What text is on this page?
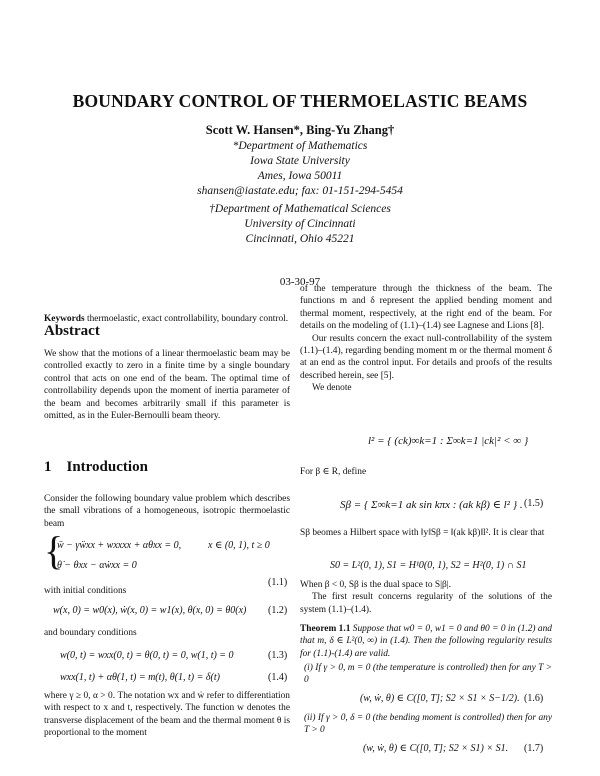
BOUNDARY CONTROL OF THERMOELASTIC BEAMS
Scott W. Hansen*, Bing-Yu Zhang†
*Department of Mathematics
Iowa State University
Ames, Iowa 50011
shansen@iastate.edu; fax: 01-151-294-5454
†Department of Mathematical Sciences
University of Cincinnati
Cincinnati, Ohio 45221
03-30-97

Keywords thermoelastic, exact controllability, boundary control.

Abstract

We show that the motions of a linear thermoelastic beam may be controlled exactly to zero in a finite time by a single boundary control that acts on one end of the beam. The optimal time of controllability depends upon the moment of inertia parameter of the beam and becomes arbitrarily small if this parameter is omitted, as in the Euler-Bernoulli beam theory.

1 Introduction

Consider the following boundary value problem which describes the small vibrations of a homogeneous, isotropic thermoelastic beam

{
ẅ − γẅxx + wxxxx + αθxx = 0,	x ∈ (0, 1), t ≥ 0
θ̇ − θxx − αẇxx = 0
(1.1)

with initial conditions

w(x, 0) = w0(x), ẇ(x, 0) = w1(x), θ(x, 0) = θ0(x) (1.2)

and boundary conditions

w(0, t) = wxx(0, t) = θ(0, t) = 0, w(1, t) = 0	(1.3)
wxx(1, t) + αθ(1, t) = m(t), θ(1, t) = δ(t)	(1.4)

where γ ≥ 0, α > 0. The notation wx and ẇ refer to differentiation with respect to x and t, respectively. The function w denotes the transverse displacement of the beam and the thermal moment θ is proportional to the moment

of the temperature through the thickness of the beam. The functions m and δ represent the applied bending moment and thermal moment, respectively, at the right end of the beam. For details on the modeling of (1.1)–(1.4) see Lagnese and Lions [8].

Our results concern the exact null-controllability of the system (1.1)–(1.4), regarding bending moment m or the thermal moment δ at an end as the control input. For details and proofs of the results described herein, see [5].

We denote

l² = { (ck)∞k=1 : Σ∞k=1 |ck|² < ∞ }

For β ∈ R, define

Sβ = { Σ∞k=1 ak sin kπx : (ak kβ) ∈ l² } . (1.5)

Sβ beomes a Hilbert space with ‖y‖Sβ = ‖(ak kβ)‖l². It is clear that

S0 = L²(0, 1), S1 = H¹0(0, 1), S2 = H²(0, 1) ∩ S1

When β < 0, Sβ is the dual space to S|β|.

The first result concerns regularity of the solutions of the system (1.1)–(1.4).

Theorem 1.1 Suppose that w0 = 0, w1 = 0 and θ0 = 0 in (1.2) and that m, δ ∈ L²(0, ∞) in (1.4). Then the following regularity results for (1.1)-(1.4) are valid.

(i) If γ > 0, m = 0 (the temperature is controlled) then for any T > 0

(w, ẇ, θ) ∈ C([0, T]; S2 × S1 × S−1/2). (1.6)

(ii) If γ > 0, δ = 0 (the bending moment is controlled) then for any T > 0

(w, ẇ, θ) ∈ C([0, T]; S2 × S1) × S1. (1.7)
